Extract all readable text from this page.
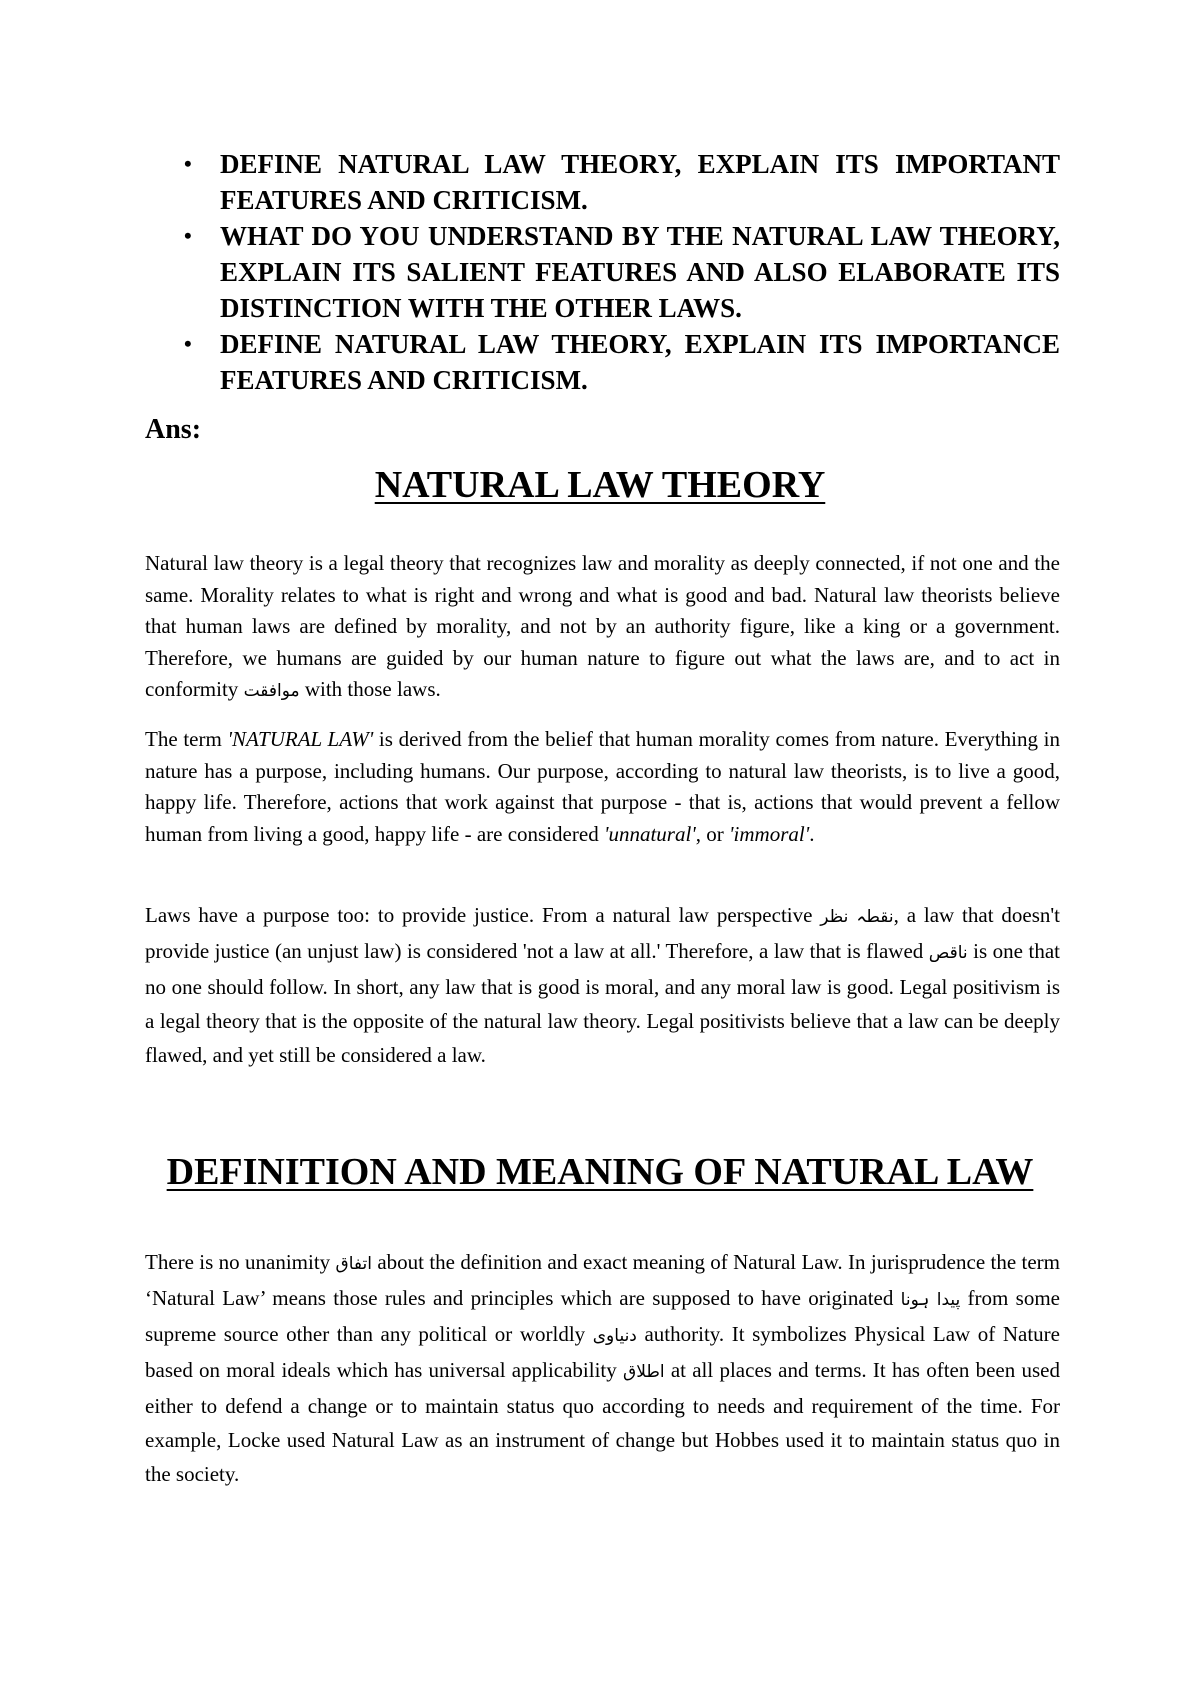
• DEFINE NATURAL LAW THEORY, EXPLAIN ITS IMPORTANT FEATURES AND CRITICISM.
• WHAT DO YOU UNDERSTAND BY THE NATURAL LAW THEORY, EXPLAIN ITS SALIENT FEATURES AND ALSO ELABORATE ITS DISTINCTION WITH THE OTHER LAWS.
• DEFINE NATURAL LAW THEORY, EXPLAIN ITS IMPORTANCE FEATURES AND CRITICISM.
Ans:
NATURAL LAW THEORY

Natural law theory is a legal theory that recognizes law and morality as deeply connected, if not one and the same. Morality relates to what is right and wrong and what is good and bad. Natural law theorists believe that human laws are defined by morality, and not by an authority figure, like a king or a government. Therefore, we humans are guided by our human nature to figure out what the laws are, and to act in conformity موافقت with those laws.

The term 'NATURAL LAW' is derived from the belief that human morality comes from nature. Everything in nature has a purpose, including humans. Our purpose, according to natural law theorists, is to live a good, happy life. Therefore, actions that work against that purpose - that is, actions that would prevent a fellow human from living a good, happy life - are considered 'unnatural', or 'immoral'.

Laws have a purpose too: to provide justice. From a natural law perspective نقطہ نظر, a law that doesn't provide justice (an unjust law) is considered 'not a law at all.' Therefore, a law that is flawed ناقص is one that no one should follow. In short, any law that is good is moral, and any moral law is good. Legal positivism is a legal theory that is the opposite of the natural law theory. Legal positivists believe that a law can be deeply flawed, and yet still be considered a law.

DEFINITION AND MEANING OF NATURAL LAW

There is no unanimity اتفاق about the definition and exact meaning of Natural Law. In jurisprudence the term ‘Natural Law’ means those rules and principles which are supposed to have originated پیدا ہونا from some supreme source other than any political or worldly دنیاوی authority. It symbolizes Physical Law of Nature based on moral ideals which has universal applicability اطلاق at all places and terms. It has often been used either to defend a change or to maintain status quo according to needs and requirement of the time. For example, Locke used Natural Law as an instrument of change but Hobbes used it to maintain status quo in the society.
